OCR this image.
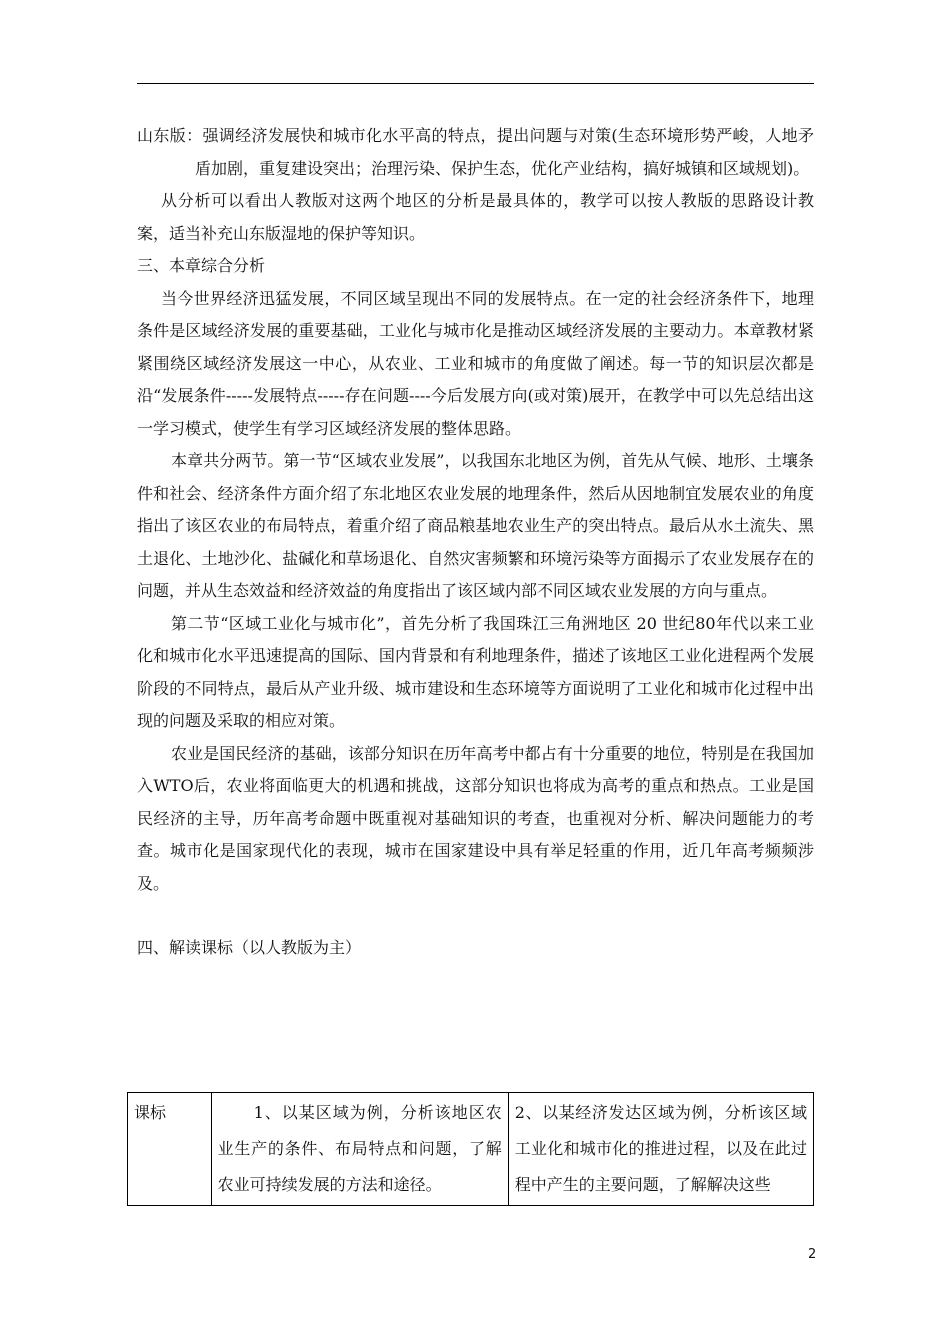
山东版：强调经济发展快和城市化水平高的特点，提出问题与对策(生态环境形势严峻，人地矛盾加剧，重复建设突出；治理污染、保护生态，优化产业结构，搞好城镇和区域规划)。

从分析可以看出人教版对这两个地区的分析是最具体的，教学可以按人教版的思路设计教案，适当补充山东版湿地的保护等知识。

三、本章综合分析

当今世界经济迅猛发展，不同区域呈现出不同的发展特点。在一定的社会经济条件下，地理条件是区域经济发展的重要基础，工业化与城市化是推动区域经济发展的主要动力。本章教材紧紧围绕区域经济发展这一中心，从农业、工业和城市的角度做了阐述。每一节的知识层次都是沿“发展条件-----发展特点-----存在问题----今后发展方向(或对策)展开，在教学中可以先总结出这一学习模式，使学生有学习区域经济发展的整体思路。

本章共分两节。第一节“区域农业发展”，以我国东北地区为例，首先从气候、地形、土壤条件和社会、经济条件方面介绍了东北地区农业发展的地理条件，然后从因地制宜发展农业的角度指出了该区农业的布局特点，着重介绍了商品粮基地农业生产的突出特点。最后从水土流失、黑土退化、土地沙化、盐碱化和草场退化、自然灾害频繁和环境污染等方面揭示了农业发展存在的问题，并从生态效益和经济效益的角度指出了该区域内部不同区域农业发展的方向与重点。

第二节“区域工业化与城市化”，首先分析了我国珠江三角洲地区 20 世纪80年代以来工业化和城市化水平迅速提高的国际、国内背景和有利地理条件，描述了该地区工业化进程两个发展阶段的不同特点，最后从产业升级、城市建设和生态环境等方面说明了工业化和城市化过程中出现的问题及采取的相应对策。

农业是国民经济的基础，该部分知识在历年高考中都占有十分重要的地位，特别是在我国加入WTO后，农业将面临更大的机遇和挑战，这部分知识也将成为高考的重点和热点。工业是国民经济的主导，历年高考命题中既重视对基础知识的考查，也重视对分析、解决问题能力的考查。城市化是国家现代化的表现，城市在国家建设中具有举足轻重的作用，近几年高考频频涉及。

四、解读课标（以人教版为主）

课标	1、以某区域为例，分析该地区农业生产的条件、布局特点和问题，了解农业可持续发展的方法和途径。	2、以某经济发达区域为例，分析该区域工业化和城市化的推进过程，以及在此过程中产生的主要问题，了解解决这些
2
